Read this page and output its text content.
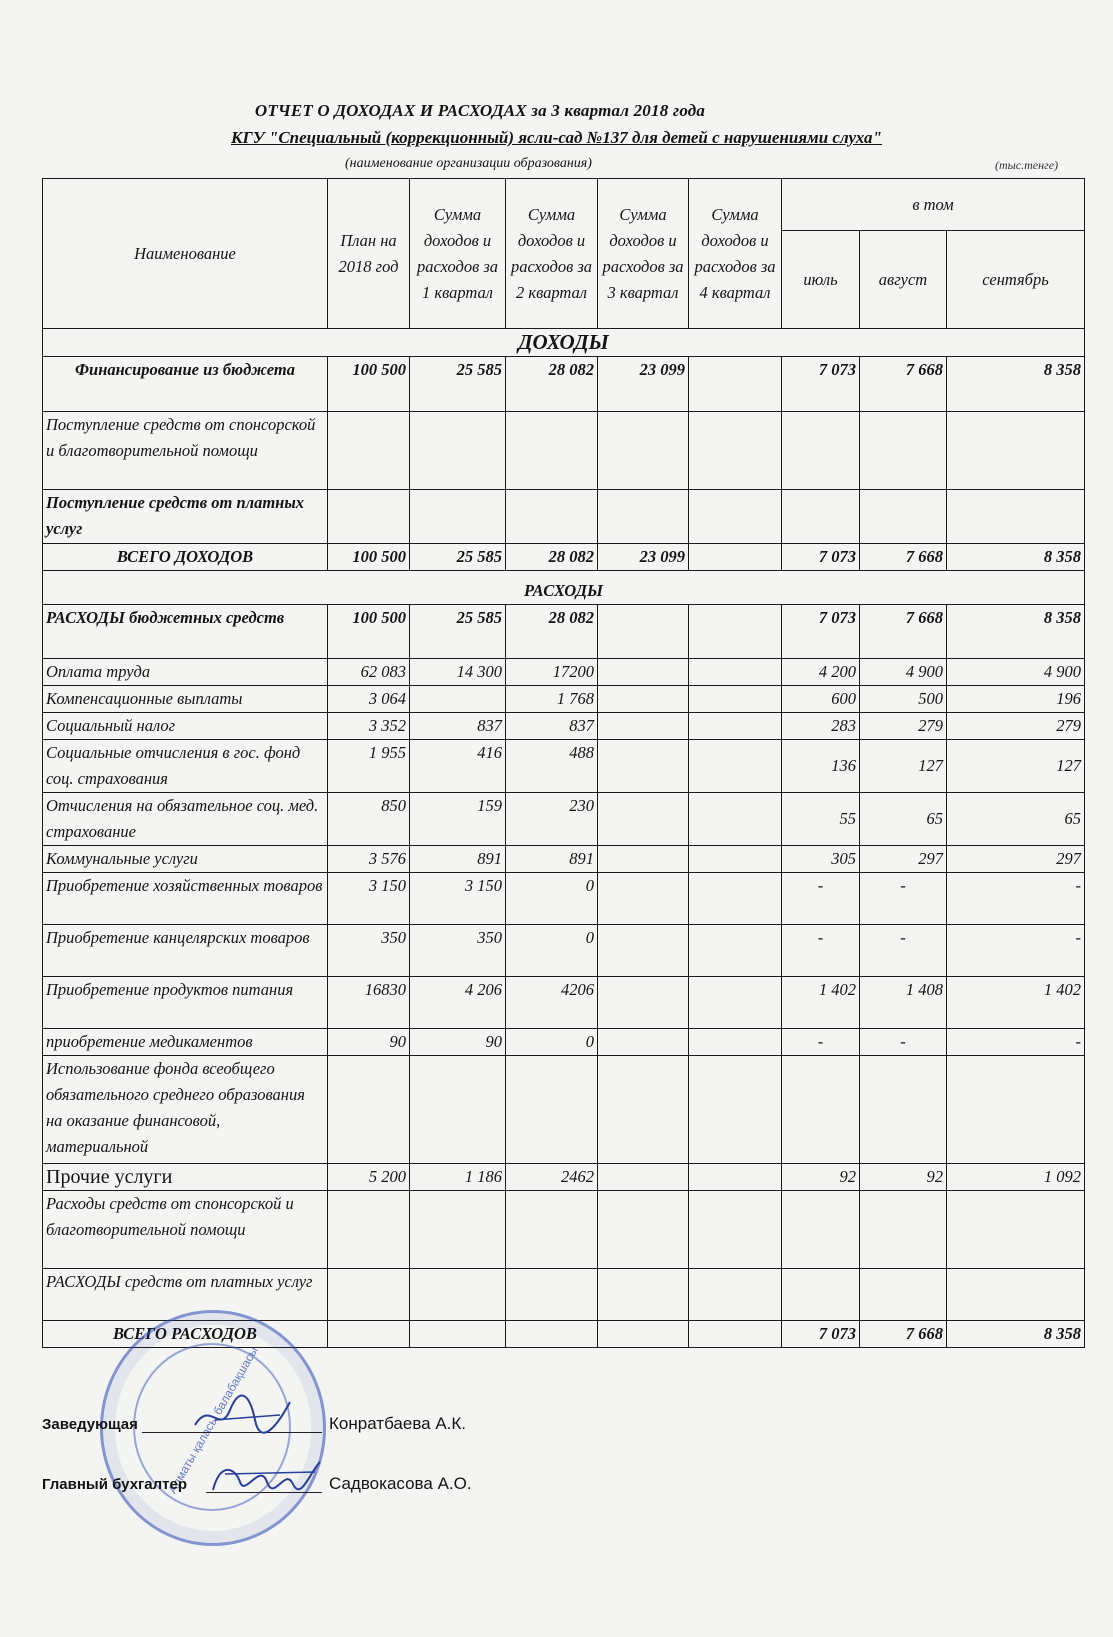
ОТЧЕТ О ДОХОДАХ И РАСХОДАХ за 3 квартал 2018 года
КГУ "Специальный (коррекционный) ясли-сад №137 для детей с нарушениями слуха"
(наименование организации образования)	(тыс.тенге)
Наименование	План на 2018 год	Сумма доходов и расходов за 1 квартал	Сумма доходов и расходов за 2 квартал	Сумма доходов и расходов за 3 квартал	Сумма доходов и расходов за 4 квартал	в том		
						июль	август	сентябрь
ДОХОДЫ								
Финансирование из бюджета	100 500	25 585	28 082	23 099		7 073	7 668	8 358
Поступление средств от спонсорской и благотворительной помощи								
Поступление средств от платных услуг								
ВСЕГО ДОХОДОВ	100 500	25 585	28 082	23 099		7 073	7 668	8 358
РАСХОДЫ								
РАСХОДЫ бюджетных средств	100 500	25 585	28 082			7 073	7 668	8 358
Оплата труда	62 083	14 300	17200			4 200	4 900	4 900
Компенсационные выплаты	3 064		1 768			600	500	196
Социальный налог	3 352	837	837			283	279	279
Социальные отчисления в гос. фонд соц. страхования	1 955	416	488			136	127	127
Отчисления на обязательное соц. мед. страхование	850	159	230			55	65	65
Коммунальные услуги	3 576	891	891			305	297	297
Приобретение хозяйственных товаров	3 150	3 150	0			-	-	-
Приобретение канцелярских товаров	350	350	0			-	-	-
Приобретение продуктов питания	16830	4 206	4206			1 402	1 408	1 402
приобретение медикаментов	90	90	0			-	-	-
Использование фонда всеобщего обязательного среднего образования на оказание финансовой, материальной								
Прочие услуги	5 200	1 186	2462			92	92	1 092
Расходы средств от спонсорской и благотворительной помощи								
РАСХОДЫ средств от платных услуг								
ВСЕГО РАСХОДОВ						7 073	7 668	8 358
Алматы қаласы балабақшасы
Заведующая	Конратбаева А.К.
Главный бухгалтер	Садвокасова А.О.
